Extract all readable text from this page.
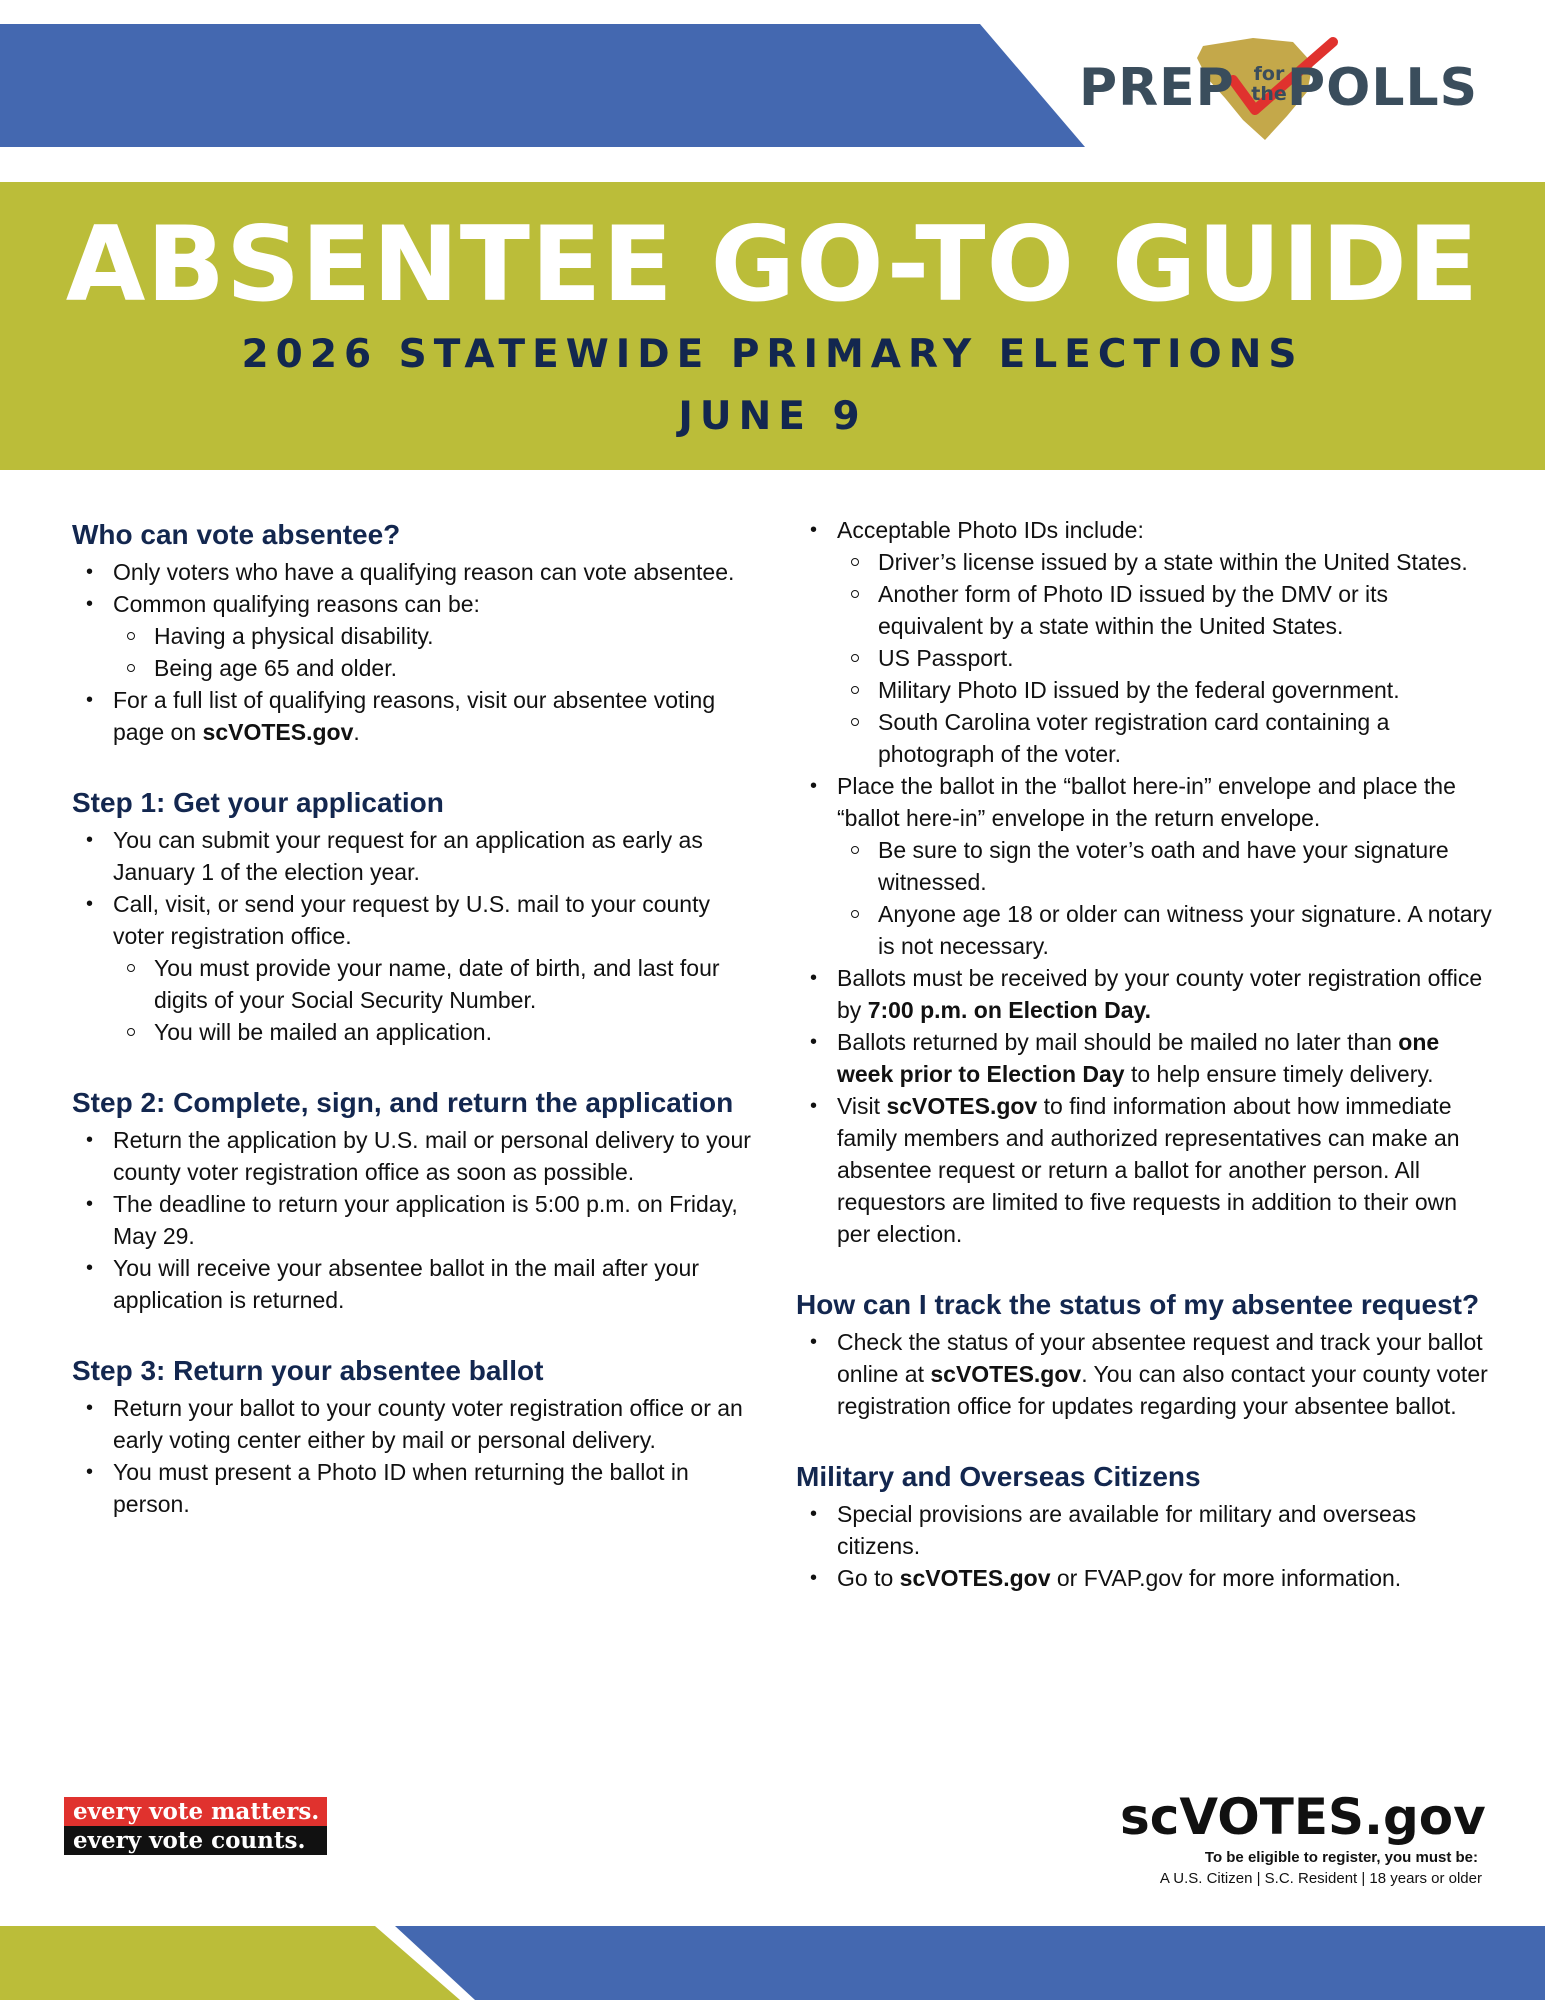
PREP for
the POLLS
ABSENTEE GO-TO GUIDE
2026 STATEWIDE PRIMARY ELECTIONS
JUNE 9
Who can vote absentee?
• Only voters who have a qualifying reason can vote absentee.
• Common qualifying reasons can be:
Having a physical disability.
Being age 65 and older.
• For a full list of qualifying reasons, visit our absentee voting page on scVOTES.gov.
Step 1: Get your application
• You can submit your request for an application as early as January 1 of the election year.
• Call, visit, or send your request by U.S. mail to your county voter registration office.
You must provide your name, date of birth, and last four digits of your Social Security Number.
You will be mailed an application.
Step 2: Complete, sign, and return the application
• Return the application by U.S. mail or personal delivery to your county voter registration office as soon as possible.
• The deadline to return your application is 5:00 p.m. on Friday, May 29.
• You will receive your absentee ballot in the mail after your application is returned.
Step 3: Return your absentee ballot
• Return your ballot to your county voter registration office or an early voting center either by mail or personal delivery.
• You must present a Photo ID when returning the ballot in person.
• Acceptable Photo IDs include:
Driver’s license issued by a state within the United States.
Another form of Photo ID issued by the DMV or its equivalent by a state within the United States.
US Passport.
Military Photo ID issued by the federal government.
South Carolina voter registration card containing a photograph of the voter.
• Place the ballot in the “ballot here-in” envelope and place the “ballot here-in” envelope in the return envelope.
Be sure to sign the voter’s oath and have your signature witnessed.
Anyone age 18 or older can witness your signature. A notary is not necessary.
• Ballots must be received by your county voter registration office by 7:00 p.m. on Election Day.
• Ballots returned by mail should be mailed no later than one week prior to Election Day to help ensure timely delivery.
• Visit scVOTES.gov to find information about how immediate family members and authorized representatives can make an absentee request or return a ballot for another person. All requestors are limited to five requests in addition to their own per election.
How can I track the status of my absentee request?
• Check the status of your absentee request and track your ballot online at scVOTES.gov. You can also contact your county voter registration office for updates regarding your absentee ballot.
Military and Overseas Citizens
• Special provisions are available for military and overseas citizens.
• Go to scVOTES.gov or FVAP.gov for more information.
every vote matters.
every vote counts.	scVOTES.gov
To be eligible to register, you must be:
A U.S. Citizen | S.C. Resident | 18 years or older
